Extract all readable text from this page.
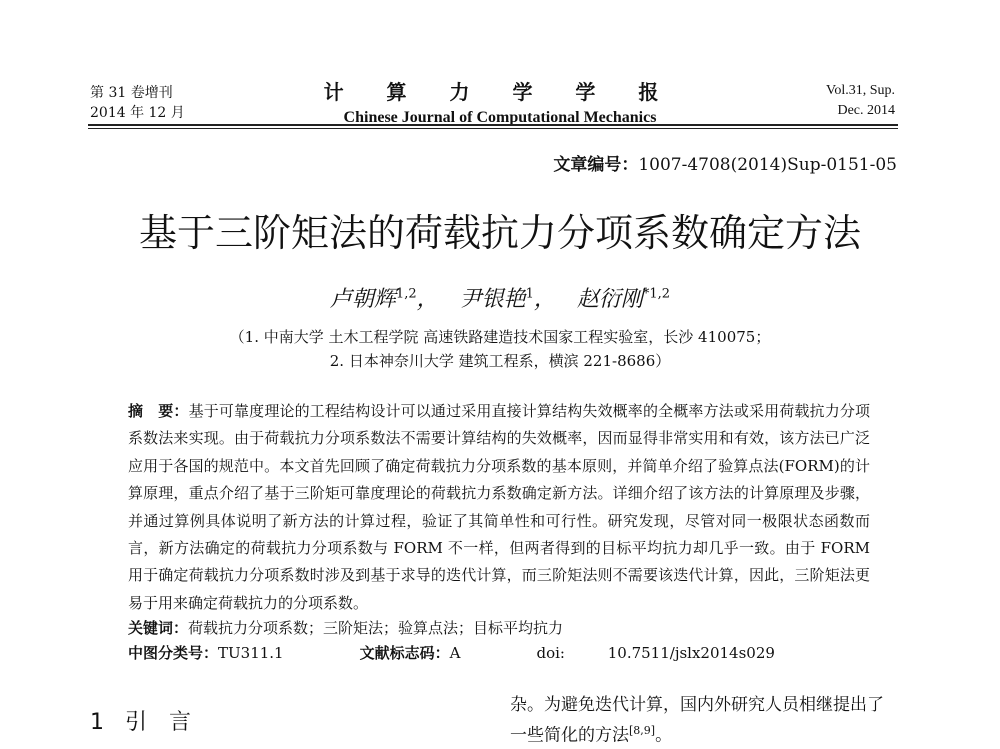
第 31 卷增刊
2014 年 12 月
计 算 力 学 学 报
Chinese Journal of Computational Mechanics
Vol.31, Sup.
Dec. 2014
文章编号：1007-4708(2014)Sup-0151-05
基于三阶矩法的荷载抗力分项系数确定方法
卢朝辉$^{1,2}$，   尹银艳$^1$，   赵衍刚$^{*1,2}$
（1. 中南大学 土木工程学院 高速铁路建造技术国家工程实验室，长沙 410075；
2. 日本神奈川大学 建筑工程系，横滨 221-8686）
摘　要：基于可靠度理论的工程结构设计可以通过采用直接计算结构失效概率的全概率方法或采用荷载抗力分项系数法来实现。由于荷载抗力分项系数法不需要计算结构的失效概率，因而显得非常实用和有效，该方法已广泛应用于各国的规范中。本文首先回顾了确定荷载抗力分项系数的基本原则，并简单介绍了验算点法(FORM)的计算原理，重点介绍了基于三阶矩可靠度理论的荷载抗力系数确定新方法。详细介绍了该方法的计算原理及步骤，并通过算例具体说明了新方法的计算过程，验证了其简单性和可行性。研究发现，尽管对同一极限状态函数而言，新方法确定的荷载抗力分项系数与 FORM 不一样，但两者得到的目标平均抗力却几乎一致。由于 FORM 用于确定荷载抗力分项系数时涉及到基于求导的迭代计算，而三阶矩法则不需要该迭代计算，因此，三阶矩法更易于用来确定荷载抗力的分项系数。
关键词：荷载抗力分项系数；三阶矩法；验算点法；目标平均抗力
中图分类号：TU311.1	文献标志码：A	doi:	10.7511/jslx2014s029
1 引　言
杂。为避免迭代计算，国内外研究人员相继提出了
一些简化的方法[8,9]。
